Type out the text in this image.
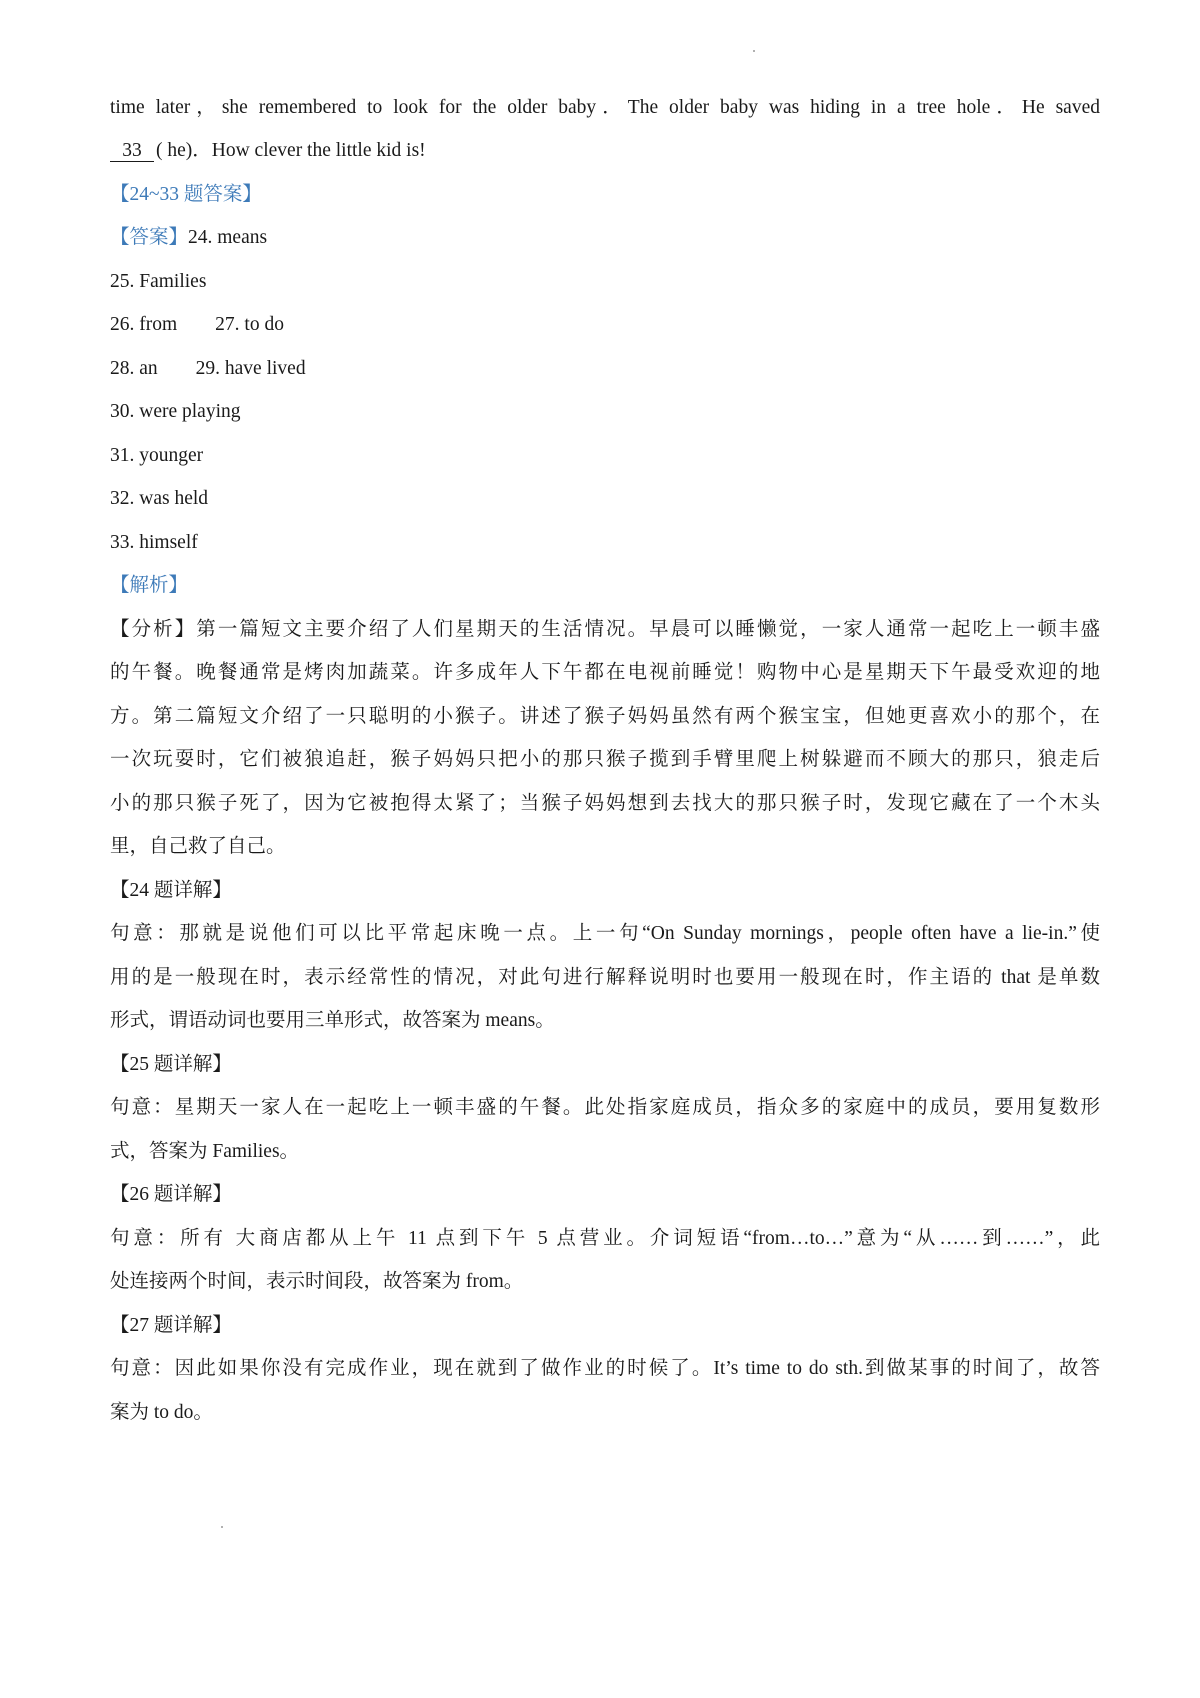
time later，she remembered to look for the older baby．The older baby was hiding in a tree hole．He saved
33 ( he)．How clever the little kid is!
【24~33 题答案】
【答案】24. means
25. Families
26. from 27. to do
28. an 29. have lived
30. were playing
31. younger
32. was held
33. himself
【解析】
【分析】第一篇短文主要介绍了人们星期天的生活情况。早晨可以睡懒觉，一家人通常一起吃上一顿丰盛
的午餐。晚餐通常是烤肉加蔬菜。许多成年人下午都在电视前睡觉！购物中心是星期天下午最受欢迎的地
方。第二篇短文介绍了一只聪明的小猴子。讲述了猴子妈妈虽然有两个猴宝宝，但她更喜欢小的那个，在
一次玩耍时，它们被狼追赶，猴子妈妈只把小的那只猴子揽到手臂里爬上树躲避而不顾大的那只，狼走后
小的那只猴子死了，因为它被抱得太紧了；当猴子妈妈想到去找大的那只猴子时，发现它藏在了一个木头
里，自己救了自己。
【24 题详解】
句意：那就是说他们可以比平常起床晚一点。上一句“On Sunday mornings，people often have a lie-in.”使
用的是一般现在时，表示经常性的情况，对此句进行解释说明时也要用一般现在时，作主语的 that 是单数
形式，谓语动词也要用三单形式，故答案为 means。
【25 题详解】
句意：星期天一家人在一起吃上一顿丰盛的午餐。此处指家庭成员，指众多的家庭中的成员，要用复数形
式，答案为 Families。
【26 题详解】
句意：所有 大商店都从上午 11 点到下午 5 点营业。介词短语“from…to…”意为“从……到……”，此
处连接两个时间，表示时间段，故答案为 from。
【27 题详解】
句意：因此如果你没有完成作业，现在就到了做作业的时候了。It’s time to do sth.到做某事的时间了，故答
案为 to do。
